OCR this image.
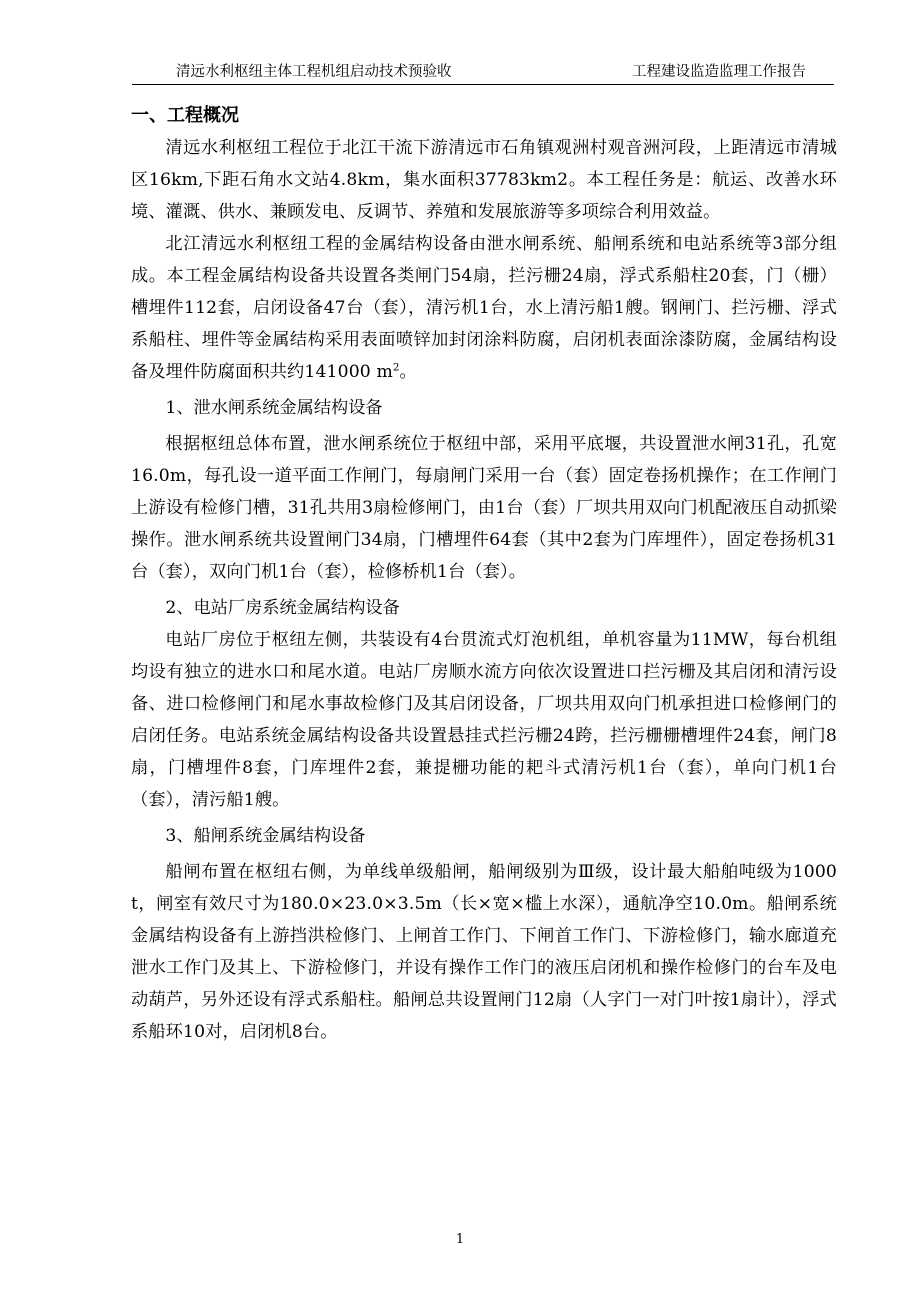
清远水利枢纽主体工程机组启动技术预验收	工程建设监造监理工作报告
一、工程概况

清远水利枢纽工程位于北江干流下游清远市石角镇观洲村观音洲河段，上距清远市清城区16km,下距石角水文站4.8km，集水面积37783km2。本工程任务是：航运、改善水环境、灌溉、供水、兼顾发电、反调节、养殖和发展旅游等多项综合利用效益。

北江清远水利枢纽工程的金属结构设备由泄水闸系统、船闸系统和电站系统等3部分组成。本工程金属结构设备共设置各类闸门54扇，拦污栅24扇，浮式系船柱20套，门（栅）槽埋件112套，启闭设备47台（套），清污机1台，水上清污船1艘。钢闸门、拦污栅、浮式系船柱、埋件等金属结构采用表面喷锌加封闭涂料防腐，启闭机表面涂漆防腐，金属结构设备及埋件防腐面积共约141000 $m^2$。

1、泄水闸系统金属结构设备

根据枢纽总体布置，泄水闸系统位于枢纽中部，采用平底堰，共设置泄水闸31孔，孔宽16.0m，每孔设一道平面工作闸门，每扇闸门采用一台（套）固定卷扬机操作；在工作闸门上游设有检修门槽，31孔共用3扇检修闸门，由1台（套）厂坝共用双向门机配液压自动抓梁操作。泄水闸系统共设置闸门34扇，门槽埋件64套（其中2套为门库埋件），固定卷扬机31台（套），双向门机1台（套），检修桥机1台（套）。

2、电站厂房系统金属结构设备

电站厂房位于枢纽左侧，共装设有4台贯流式灯泡机组，单机容量为11MW，每台机组均设有独立的进水口和尾水道。电站厂房顺水流方向依次设置进口拦污栅及其启闭和清污设备、进口检修闸门和尾水事故检修门及其启闭设备，厂坝共用双向门机承担进口检修闸门的启闭任务。电站系统金属结构设备共设置悬挂式拦污栅24跨，拦污栅栅槽埋件24套，闸门8扇，门槽埋件8套，门库埋件2套，兼提栅功能的耙斗式清污机1台（套），单向门机1台（套），清污船1艘。

3、船闸系统金属结构设备

船闸布置在枢纽右侧，为单线单级船闸，船闸级别为Ⅲ级，设计最大船舶吨级为1000t，闸室有效尺寸为180.0×23.0×3.5m（长×宽×槛上水深），通航净空10.0m。船闸系统金属结构设备有上游挡洪检修门、上闸首工作门、下闸首工作门、下游检修门，输水廊道充泄水工作门及其上、下游检修门，并设有操作工作门的液压启闭机和操作检修门的台车及电动葫芦，另外还设有浮式系船柱。船闸总共设置闸门12扇（人字门一对门叶按1扇计），浮式系船环10对，启闭机8台。

1
